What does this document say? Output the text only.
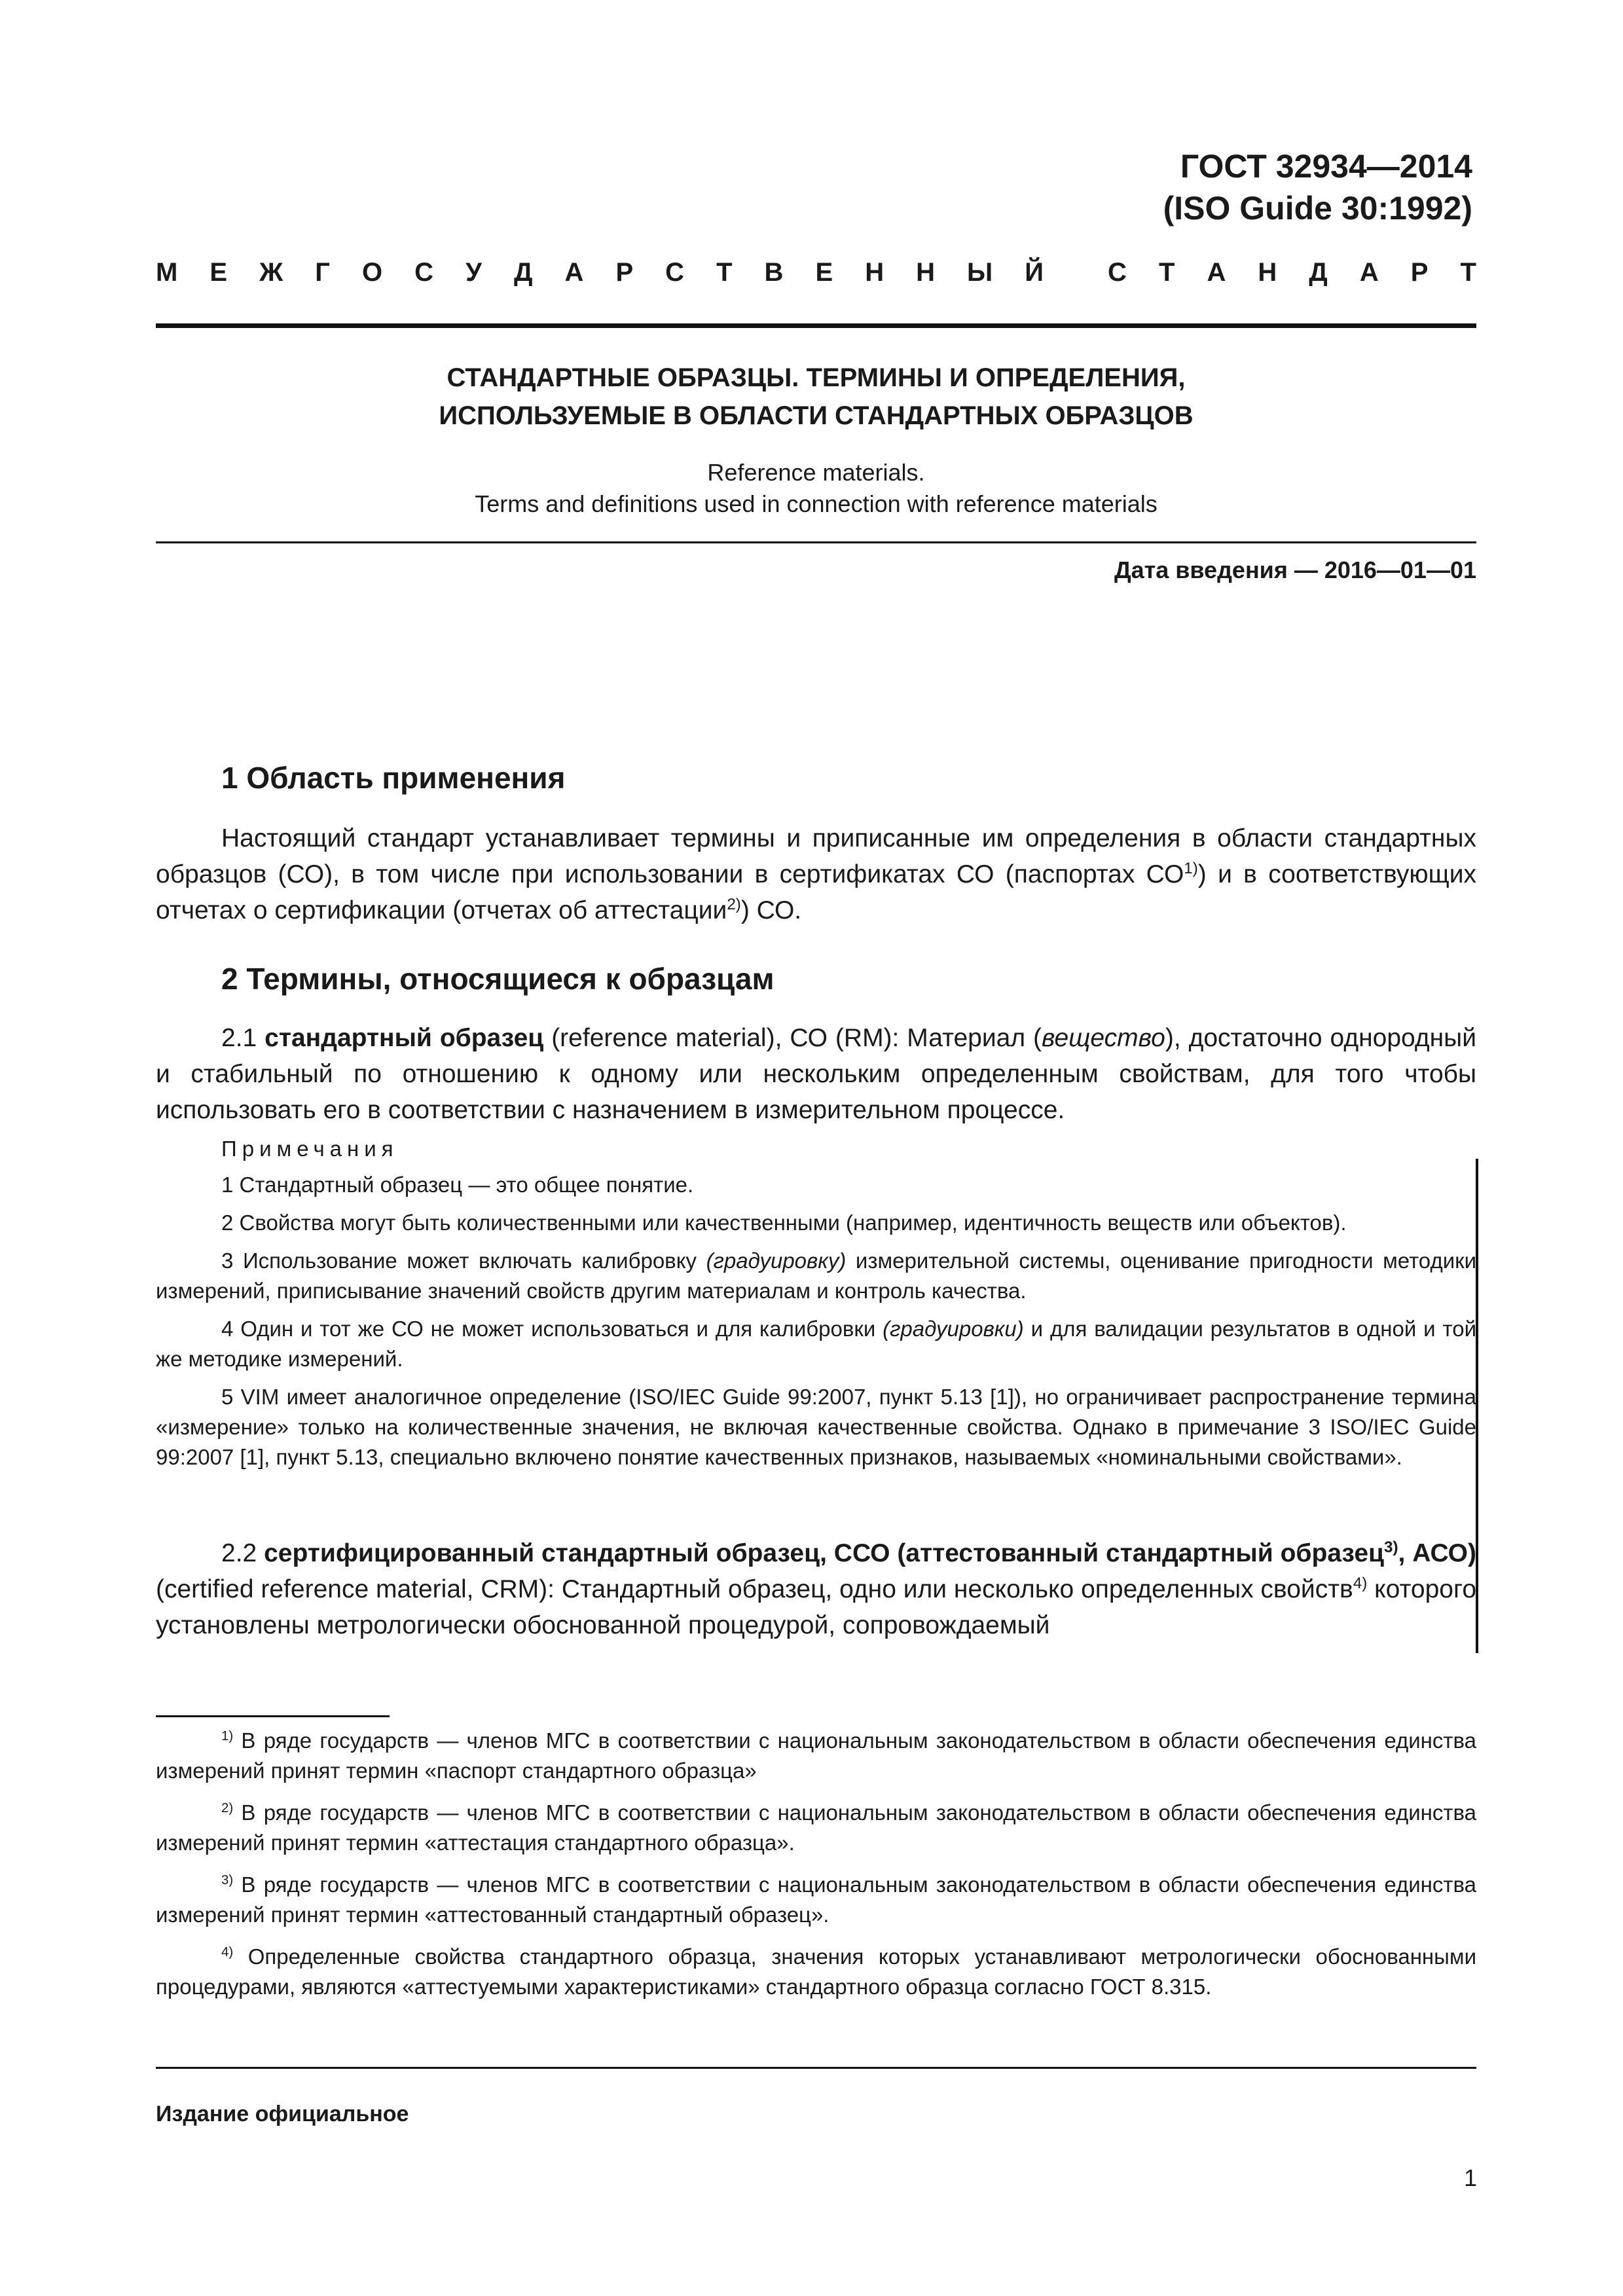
ГОСТ 32934—2014
(ISO Guide 30:1992)
М Е Ж Г О С У Д А Р С Т В Е Н Н Ы Й С Т А Н Д А Р Т
СТАНДАРТНЫЕ ОБРАЗЦЫ. ТЕРМИНЫ И ОПРЕДЕЛЕНИЯ,
ИСПОЛЬЗУЕМЫЕ В ОБЛАСТИ СТАНДАРТНЫХ ОБРАЗЦОВ
Reference materials.
Terms and definitions used in connection with reference materials
Дата введения — 2016—01—01
1 Область применения

Настоящий стандарт устанавливает термины и приписанные им определения в области стандартных образцов (СО), в том числе при использовании в сертификатах СО (паспортах СО$^{1)}$) и в соответствующих отчетах о сертификации (отчетах об аттестации$^{2)}$) СО.

2 Термины, относящиеся к образцам

2.1 стандартный образец (reference material), СО (RM): Материал (вещество), достаточно однородный и стабильный по отношению к одному или нескольким определенным свойствам, для того чтобы использовать его в соответствии с назначением в измерительном процессе.

Примечания

1 Стандартный образец — это общее понятие.

2 Свойства могут быть количественными или качественными (например, идентичность веществ или объектов).

3 Использование может включать калибровку (градуировку) измерительной системы, оценивание пригодности методики измерений, приписывание значений свойств другим материалам и контроль качества.

4 Один и тот же СО не может использоваться и для калибровки (градуировки) и для валидации результатов в одной и той же методике измерений.

5 VIM имеет аналогичное определение (ISO/IEC Guide 99:2007, пункт 5.13 [1]), но ограничивает распространение термина «измерение» только на количественные значения, не включая качественные свойства. Однако в примечание 3 ISO/IEC Guide 99:2007 [1], пункт 5.13, специально включено понятие качественных признаков, называемых «номинальными свойствами».

2.2 сертифицированный стандартный образец, ССО (аттестованный стандартный образец$^{3)}$, АСО) (certified reference material, CRM): Стандартный образец, одно или несколько определенных свойств$^{4)}$ которого установлены метрологически обоснованной процедурой, сопровождаемый

$^{1)}$ В ряде государств — членов МГС в соответствии с национальным законодательством в области обеспечения единства измерений принят термин «паспорт стандартного образца»

$^{2)}$ В ряде государств — членов МГС в соответствии с национальным законодательством в области обеспечения единства измерений принят термин «аттестация стандартного образца».

$^{3)}$ В ряде государств — членов МГС в соответствии с национальным законодательством в области обеспечения единства измерений принят термин «аттестованный стандартный образец».

$^{4)}$ Определенные свойства стандартного образца, значения которых устанавливают метрологически обоснованными процедурами, являются «аттестуемыми характеристиками» стандартного образца согласно ГОСТ 8.315.

Издание официальное
1
